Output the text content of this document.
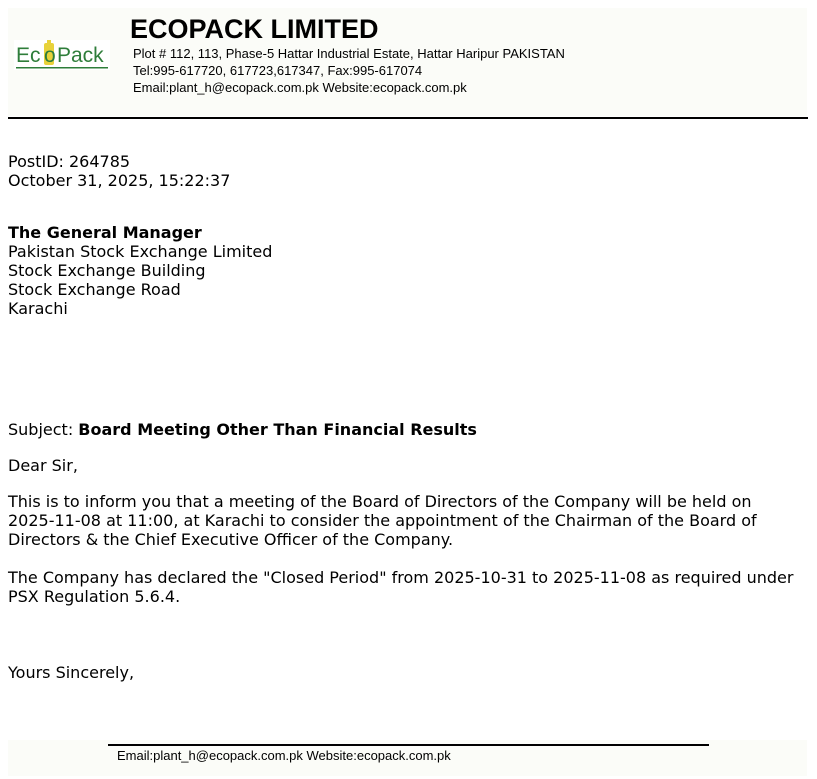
Ec o Pack
ECOPACK LIMITED
Plot # 112, 113, Phase-5 Hattar Industrial Estate, Hattar Haripur PAKISTAN
Tel:995-617720, 617723,617347, Fax:995-617074
Email:plant_h@ecopack.com.pk Website:ecopack.com.pk
PostID: 264785
October 31, 2025, 15:22:37
The General Manager
Pakistan Stock Exchange Limited
Stock Exchange Building
Stock Exchange Road
Karachi
Subject: Board Meeting Other Than Financial Results
Dear Sir,
This is to inform you that a meeting of the Board of Directors of the Company will be held on
2025-11-08 at 11:00, at Karachi to consider the appointment of the Chairman of the Board of
Directors & the Chief Executive Officer of the Company.
The Company has declared the "Closed Period" from 2025-10-31 to 2025-11-08 as required under
PSX Regulation 5.6.4.
Yours Sincerely,
Email:plant_h@ecopack.com.pk Website:ecopack.com.pk
